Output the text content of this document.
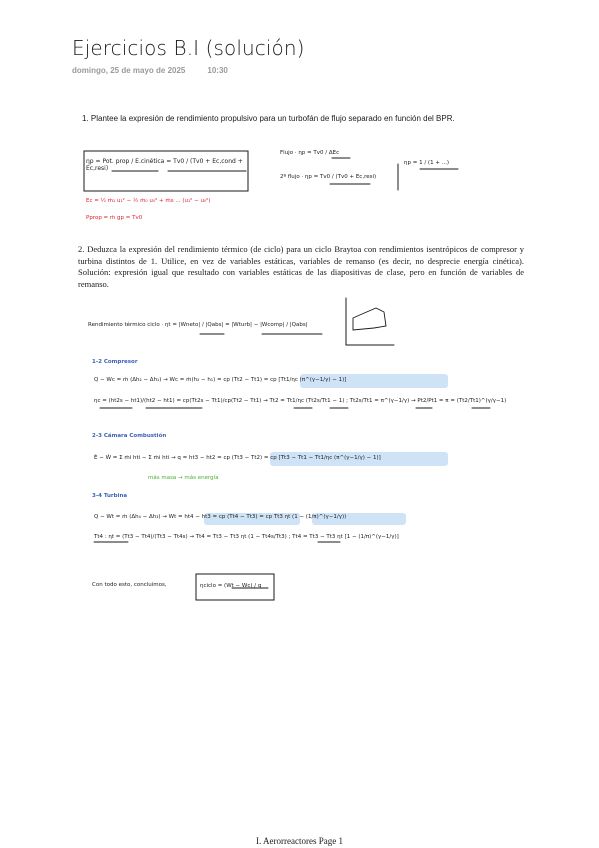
Ejercicios B.I (solución)
domingo, 25 de mayo de 2025	10:30
1. Plantee la expresión de rendimiento propulsivo para un turbofán de flujo separado en función del BPR.
ηp = Pot. prop / E.cinética = Tv0 / (Tv0 + Ec,cond + Ec,resi)
Flujo · ηp = Tv0 / ΔEc
2º flujo · ηp = Tv0 / (Tv0 + Ec,resi)
ηp = 1 / (1 + ...)
Ec = ½ ṁ₁ u₁² − ½ ṁ₀ u₀² + ṁs ... (u₁² − u₀²)
Pprop = ṁ gp = Tv0
2. Deduzca la expresión del rendimiento térmico (de ciclo) para un ciclo Braytoa con rendimientos isentrópicos de compresor y turbina distintos de 1. Utilice, en vez de variables estáticas, variables de remanso (es decir, no desprecie energía cinética). Solución: expresión igual que resultado con variables estáticas de las diapositivas de clase, pero en función de variables de remanso.
Rendimiento térmico ciclo · ηt = |Wneto| / |Qabs| = |Wturb| − |Wcomp| / |Qabs|
1-2 Compresor
Q − Wc = ṁ (Δh₂ − Δh₁) → Wc = ṁ(h₂ − h₁) = cp (Tt2 − Tt1) = cp [Tt1/ηc (π^(γ−1/γ) − 1)]
ηc = (ht2s − ht1)/(ht2 − ht1) = cp(Tt2s − Tt1)/cp(Tt2 − Tt1) → Tt2 = Tt1/ηc (Tt2s/Tt1 − 1) ; Tt2s/Tt1 = π^(γ−1/γ) → Pt2/Pt1 = π = (Tt2/Tt1)^(γ/γ−1)
2-3 Cámara Combustión
Ė − Ẇ = Σ ṁi hti − Σ ṁi hti → q = ht3 − ht2 = cp (Tt3 − Tt2) = cp [Tt3 − Tt1 − Tt1/ηc (π^(γ−1/γ) − 1)]
más masa → más energía
3-4 Turbina
Q − Wt = ṁ (Δh₄ − Δh₃) → Wt = ht4 − ht3 = cp (Tt4 − Tt3) = cp Tt3 ηt (1 − (1/π)^(γ−1/γ))
Tt4 : ηt = (Tt3 − Tt4)/(Tt3 − Tt4s) → Tt4 = Tt3 − Tt3 ηt (1 − Tt4s/Tt3) ; Tt4 = Tt3 − Tt3 ηt [1 − (1/π)^(γ−1/γ)]
Con todo esto, concluimos,	ηciclo = (Wt − Wc) / q
I. Aerorreactores Page 1
